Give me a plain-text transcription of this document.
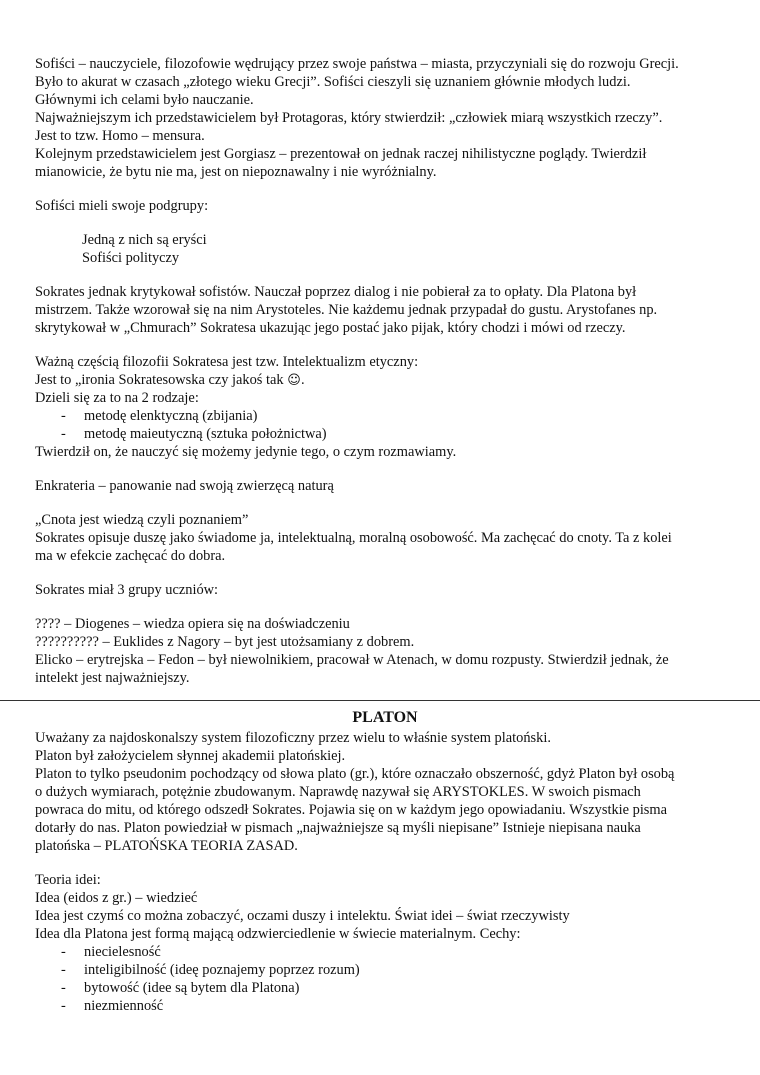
Sofiści – nauczyciele, filozofowie wędrujący przez swoje państwa – miasta, przyczyniali się do rozwoju Grecji.
Było to akurat w czasach „złotego wieku Grecji”. Sofiści cieszyli się uznaniem głównie młodych ludzi.
Głównymi ich celami było nauczanie.
Najważniejszym ich przedstawicielem był Protagoras, który stwierdził: „człowiek miarą wszystkich rzeczy”.
Jest to tzw. Homo – mensura.
Kolejnym przedstawicielem jest Gorgiasz – prezentował on jednak raczej nihilistyczne poglądy. Twierdził
mianowicie, że bytu nie ma, jest on niepoznawalny i nie wyróżnialny.
Sofiści mieli swoje podgrupy:
Jedną z nich są eryści
Sofiści polityczy
Sokrates jednak krytykował sofistów. Nauczał poprzez dialog i nie pobierał za to opłaty. Dla Platona był
mistrzem. Także wzorował się na nim Arystoteles. Nie każdemu jednak przypadał do gustu. Arystofanes np.
skrytykował w „Chmurach” Sokratesa ukazując jego postać jako pijak, który chodzi i mówi od rzeczy.
Ważną częścią filozofii Sokratesa jest tzw. Intelektualizm etyczny:
Jest to „ironia Sokratesowska czy jakoś tak ☺.
Dzieli się za to na 2 rodzaje:
- metodę elenktyczną (zbijania)
- metodę maieutyczną (sztuka położnictwa)
Twierdził on, że nauczyć się możemy jedynie tego, o czym rozmawiamy.
Enkrateria – panowanie nad swoją zwierzęcą naturą
„Cnota jest wiedzą czyli poznaniem”
Sokrates opisuje duszę jako świadome ja, intelektualną, moralną osobowość. Ma zachęcać do cnoty. Ta z kolei
ma w efekcie zachęcać do dobra.
Sokrates miał 3 grupy uczniów:
???? – Diogenes – wiedza opiera się na doświadczeniu
?????????? – Euklides z Nagory – byt jest utożsamiany z dobrem.
Elicko – erytrejska – Fedon – był niewolnikiem, pracował w Atenach, w domu rozpusty. Stwierdził jednak, że
intelekt jest najważniejszy.
PLATON
Uważany za najdoskonalszy system filozoficzny przez wielu to właśnie system platoński.
Platon był założycielem słynnej akademii platońskiej.
Platon to tylko pseudonim pochodzący od słowa plato (gr.), które oznaczało obszerność, gdyż Platon był osobą
o dużych wymiarach, potężnie zbudowanym. Naprawdę nazywał się ARYSTOKLES. W swoich pismach
powraca do mitu, od którego odszedł Sokrates. Pojawia się on w każdym jego opowiadaniu. Wszystkie pisma
dotarły do nas. Platon powiedział w pismach „najważniejsze są myśli niepisane” Istnieje niepisana nauka
platońska – PLATOŃSKA TEORIA ZASAD.
Teoria idei:
Idea (eidos z gr.) – wiedzieć
Idea jest czymś co można zobaczyć, oczami duszy i intelektu. Świat idei – świat rzeczywisty
Idea dla Platona jest formą mającą odzwierciedlenie w świecie materialnym. Cechy:
- niecielesność
- inteligibilność (ideę poznajemy poprzez rozum)
- bytowość (idee są bytem dla Platona)
- niezmienność
